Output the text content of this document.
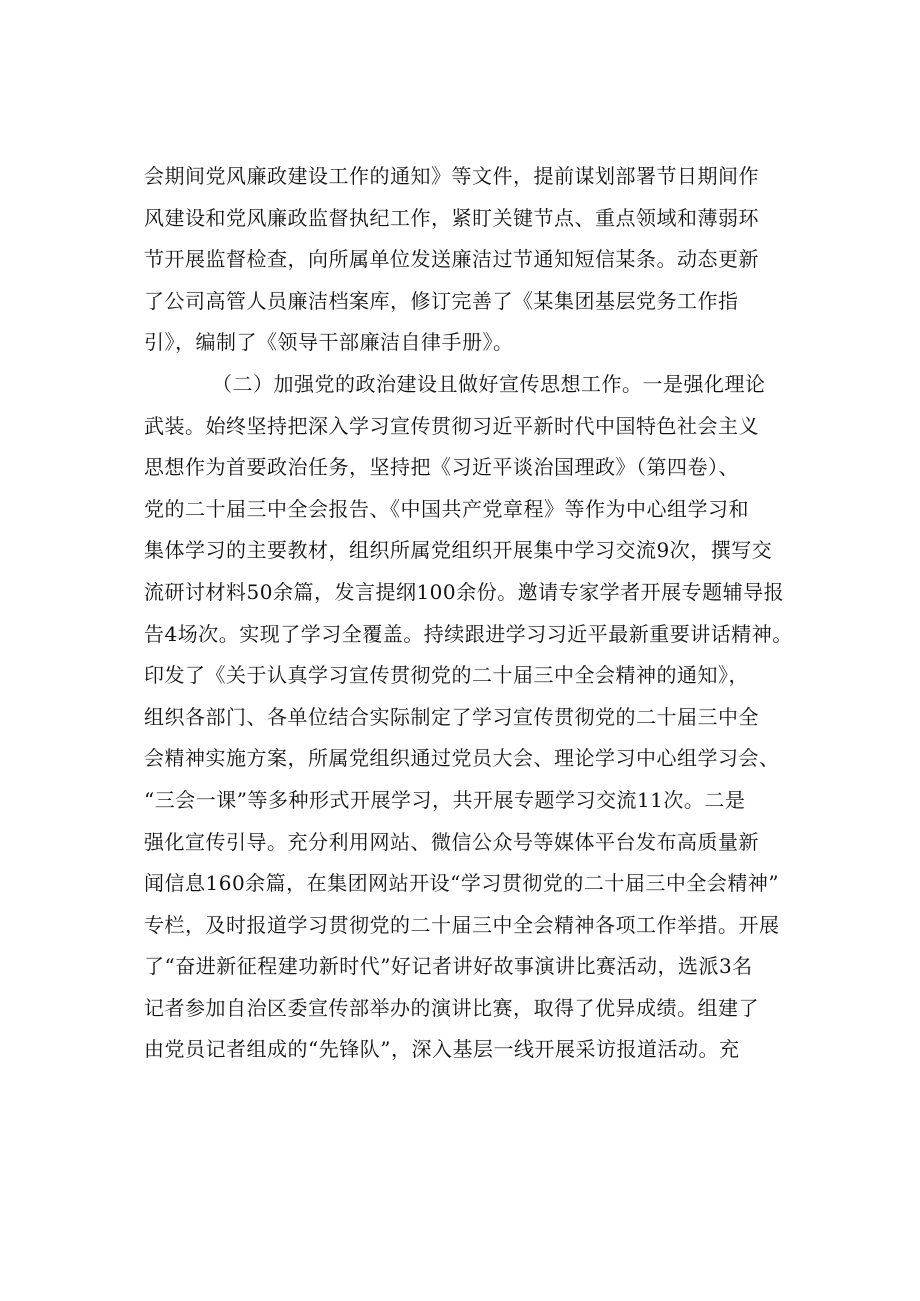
会期间党风廉政建设工作的通知》等文件，提前谋划部署节日期间作
风建设和党风廉政监督执纪工作，紧盯关键节点、重点领域和薄弱环
节开展监督检查，向所属单位发送廉洁过节通知短信某条。动态更新
了公司高管人员廉洁档案库，修订完善了《某集团基层党务工作指
引》，编制了《领导干部廉洁自律手册》。
（二）加强党的政治建设且做好宣传思想工作。一是强化理论
武装。始终坚持把深入学习宣传贯彻习近平新时代中国特色社会主义
思想作为首要政治任务，坚持把《习近平谈治国理政》（第四卷）、
党的二十届三中全会报告、《中国共产党章程》等作为中心组学习和
集体学习的主要教材，组织所属党组织开展集中学习交流9次，撰写交
流研讨材料50余篇，发言提纲100余份。邀请专家学者开展专题辅导报
告4场次。实现了学习全覆盖。持续跟进学习习近平最新重要讲话精神。
印发了《关于认真学习宣传贯彻党的二十届三中全会精神的通知》，
组织各部门、各单位结合实际制定了学习宣传贯彻党的二十届三中全
会精神实施方案，所属党组织通过党员大会、理论学习中心组学习会、
“三会一课”等多种形式开展学习，共开展专题学习交流11次。二是
强化宣传引导。充分利用网站、微信公众号等媒体平台发布高质量新
闻信息160余篇，在集团网站开设“学习贯彻党的二十届三中全会精神”
专栏，及时报道学习贯彻党的二十届三中全会精神各项工作举措。开展
了“奋进新征程建功新时代”好记者讲好故事演讲比赛活动，选派3名
记者参加自治区委宣传部举办的演讲比赛，取得了优异成绩。组建了
由党员记者组成的“先锋队”，深入基层一线开展采访报道活动。充
